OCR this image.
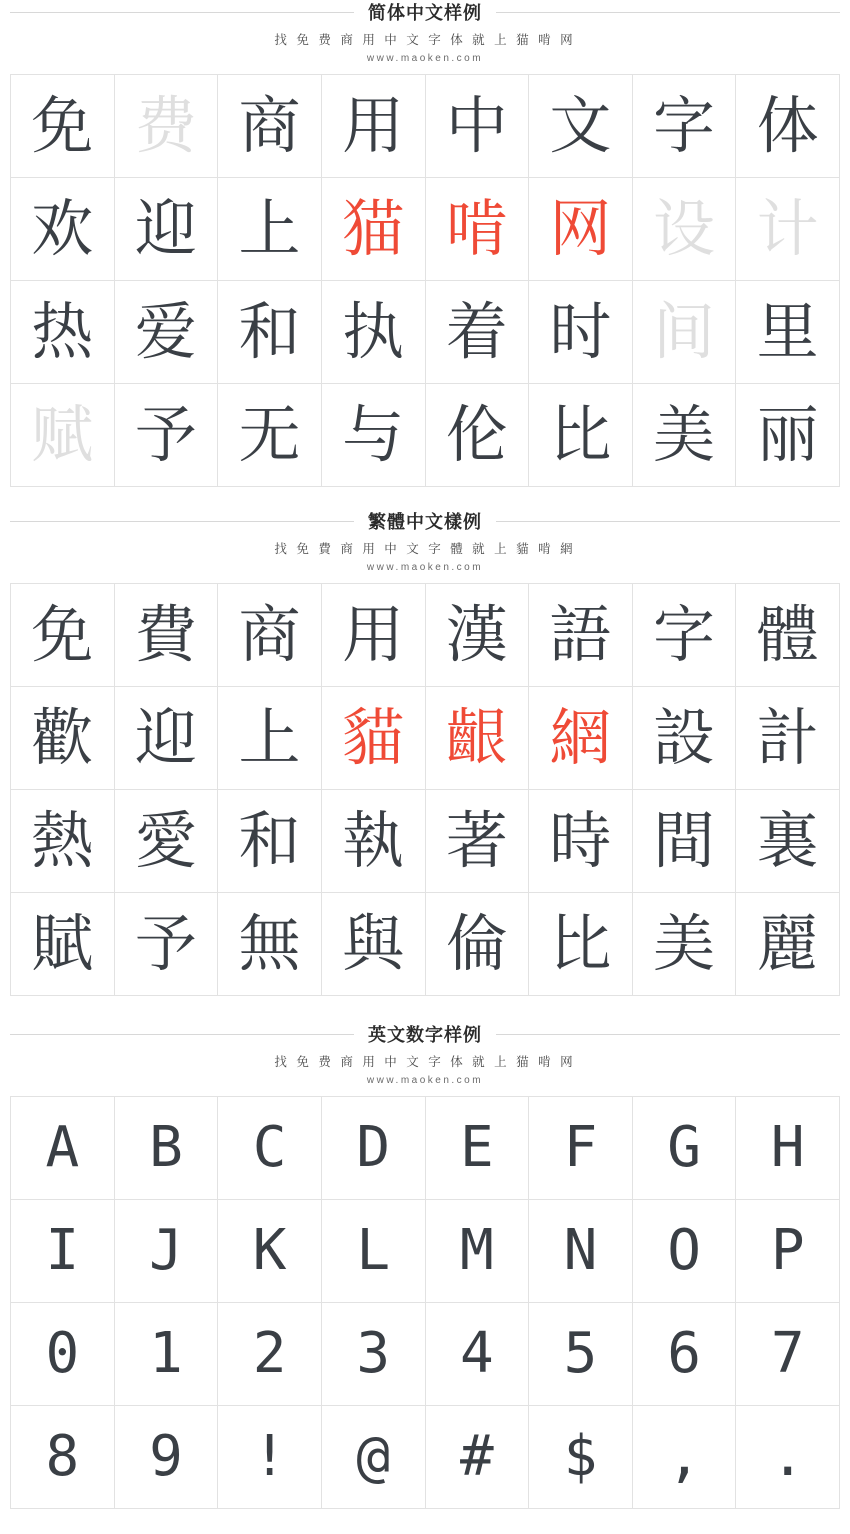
简体中文样例
找 免 费 商 用 中 文 字 体 就 上 猫 啃 网
www.maoken.com
免 费 商 用 中 文 字 体
欢 迎 上 猫 啃 网 设 计
热 爱 和 执 着 时 间 里
赋 予 无 与 伦 比 美 丽
繁體中文樣例
找 免 費 商 用 中 文 字 體 就 上 貓 啃 網
www.maoken.com
免 費 商 用 漢 語 字 體
歡 迎 上 貓 齦 網 設 計
熱 愛 和 執 著 時 間 裏
賦 予 無 與 倫 比 美 麗
英文数字样例
找 免 费 商 用 中 文 字 体 就 上 猫 啃 网
www.maoken.com
A	B	C	D	E	F	G	H
I	J	K	L	M	N	O	P
0	1	2	3	4	5	6	7
8	9	!	@	#	$	,	.
